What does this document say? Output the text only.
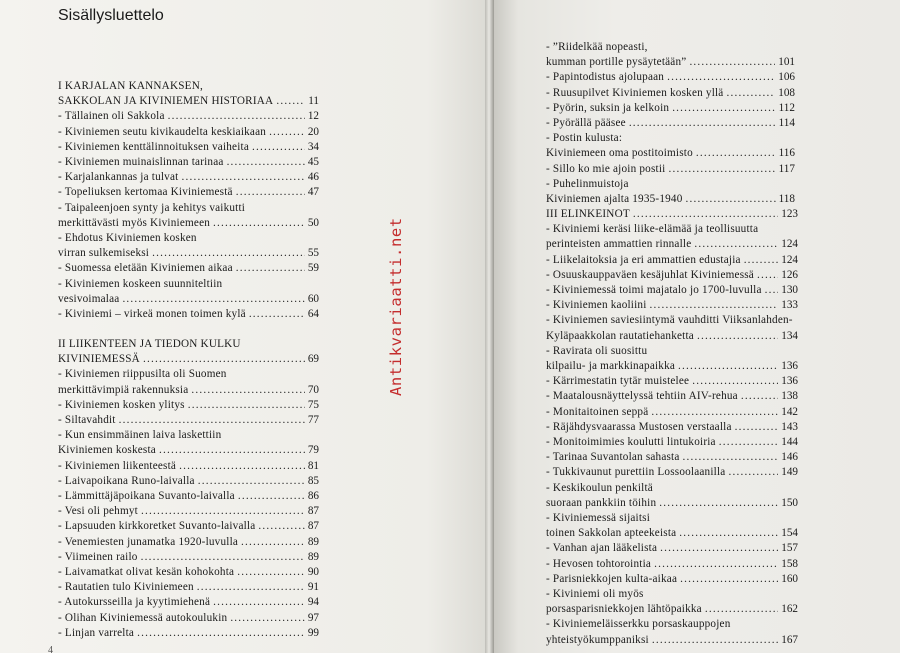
Sisällysluettelo
I KARJALAN KANNAKSEN,
SAKKOLAN JA KIVINIEMEN HISTORIAA .....	11
- Tällainen oli Sakkola .....	12
- Kiviniemen seutu kivikaudelta keskiaikaan .....	20
- Kiviniemen kenttälinnoituksen vaiheita .....	34
- Kiviniemen muinaislinnan tarinaa .....	45
- Karjalankannas ja tulvat .....	46
- Topeliuksen kertomaa Kiviniemestä .....	47
- Taipaleenjoen synty ja kehitys vaikutti
merkittävästi myös Kiviniemeen .....	50
- Ehdotus Kiviniemen kosken
virran sulkemiseksi .....	55
- Suomessa eletään Kiviniemen aikaa .....	59
- Kiviniemen koskeen suunniteltiin
vesivoimalaa .....	60
- Kiviniemi – virkeä monen toimen kylä .....	64
II LIIKENTEEN JA TIEDON KULKU
KIVINIEMESSÄ .....	69
- Kiviniemen riippusilta oli Suomen
merkittävimpiä rakennuksia .....	70
- Kiviniemen kosken ylitys .....	75
- Siltavahdit .....	77
- Kun ensimmäinen laiva laskettiin
Kiviniemen koskesta .....	79
- Kiviniemen liikenteestä .....	81
- Laivapoikana Runo-laivalla .....	85
- Lämmittäjäpoikana Suvanto-laivalla .....	86
- Vesi oli pehmyt .....	87
- Lapsuuden kirkkoretket Suvanto-laivalla .....	87
- Venemiesten junamatka 1920-luvulla .....	89
- Viimeinen railo .....	89
- Laivamatkat olivat kesän kohokohta .....	90
- Rautatien tulo Kiviniemeen .....	91
- Autokursseilla ja kyytimiehenä .....	94
- Olihan Kiviniemessä autokoulukin .....	97
- Linjan varrelta .....	99
4
- ”Riidelkää nopeasti,
kumman portille pysäytetään” .....	101
- Papintodistus ajolupaan .....	106
- Ruusupilvet Kiviniemen kosken yllä .....	108
- Pyörin, suksin ja kelkoin .....	112
- Pyörällä pääsee .....	114
- Postin kulusta:
Kiviniemeen oma postitoimisto .....	116
- Sillo ko mie ajoin postii .....	117
- Puhelinmuistoja
Kiviniemen ajalta 1935-1940 .....	118
III ELINKEINOT .....	123
- Kiviniemi keräsi liike-elämää ja teollisuutta
perinteisten ammattien rinnalle .....	124
- Liikelaitoksia ja eri ammattien edustajia .....	124
- Osuuskauppaväen kesäjuhlat Kiviniemessä ..... 126
- Kiviniemessä toimi majatalo jo 1700-luvulla ..... 130
- Kiviniemen kaoliini .....	133
- Kiviniemen saviesiintymä vauhditti Viiksanlahden-
Kyläpaakkolan rautatiehanketta .....	134
- Ravirata oli suosittu
kilpailu- ja markkinapaikka .....	136
- Kärrimestatin tytär muistelee .....	136
- Maatalousnäyttelyssä tehtiin AIV-rehua .....	138
- Monitaitoinen seppä .....	142
- Räjähdysvaarassa Mustosen verstaalla .....	143
- Monitoimimies koulutti lintukoiria .....	144
- Tarinaa Suvantolan sahasta .....	146
- Tukkivaunut purettiin Lossoolaanilla .....	149
- Keskikoulun penkiltä
suoraan pankkiin töihin .....	150
- Kiviniemessä sijaitsi
toinen Sakkolan apteekeista .....	154
- Vanhan ajan lääkelista .....	157
- Hevosen tohtorointia .....	158
- Parisniekkojen kulta-aikaa .....	160
- Kiviniemi oli myös
porsasparisniekkojen lähtöpaikka .....	162
- Kiviniemeläisserkku porsaskauppojen
yhteistyökumppaniksi .....	167
Antikvariaatti.net
